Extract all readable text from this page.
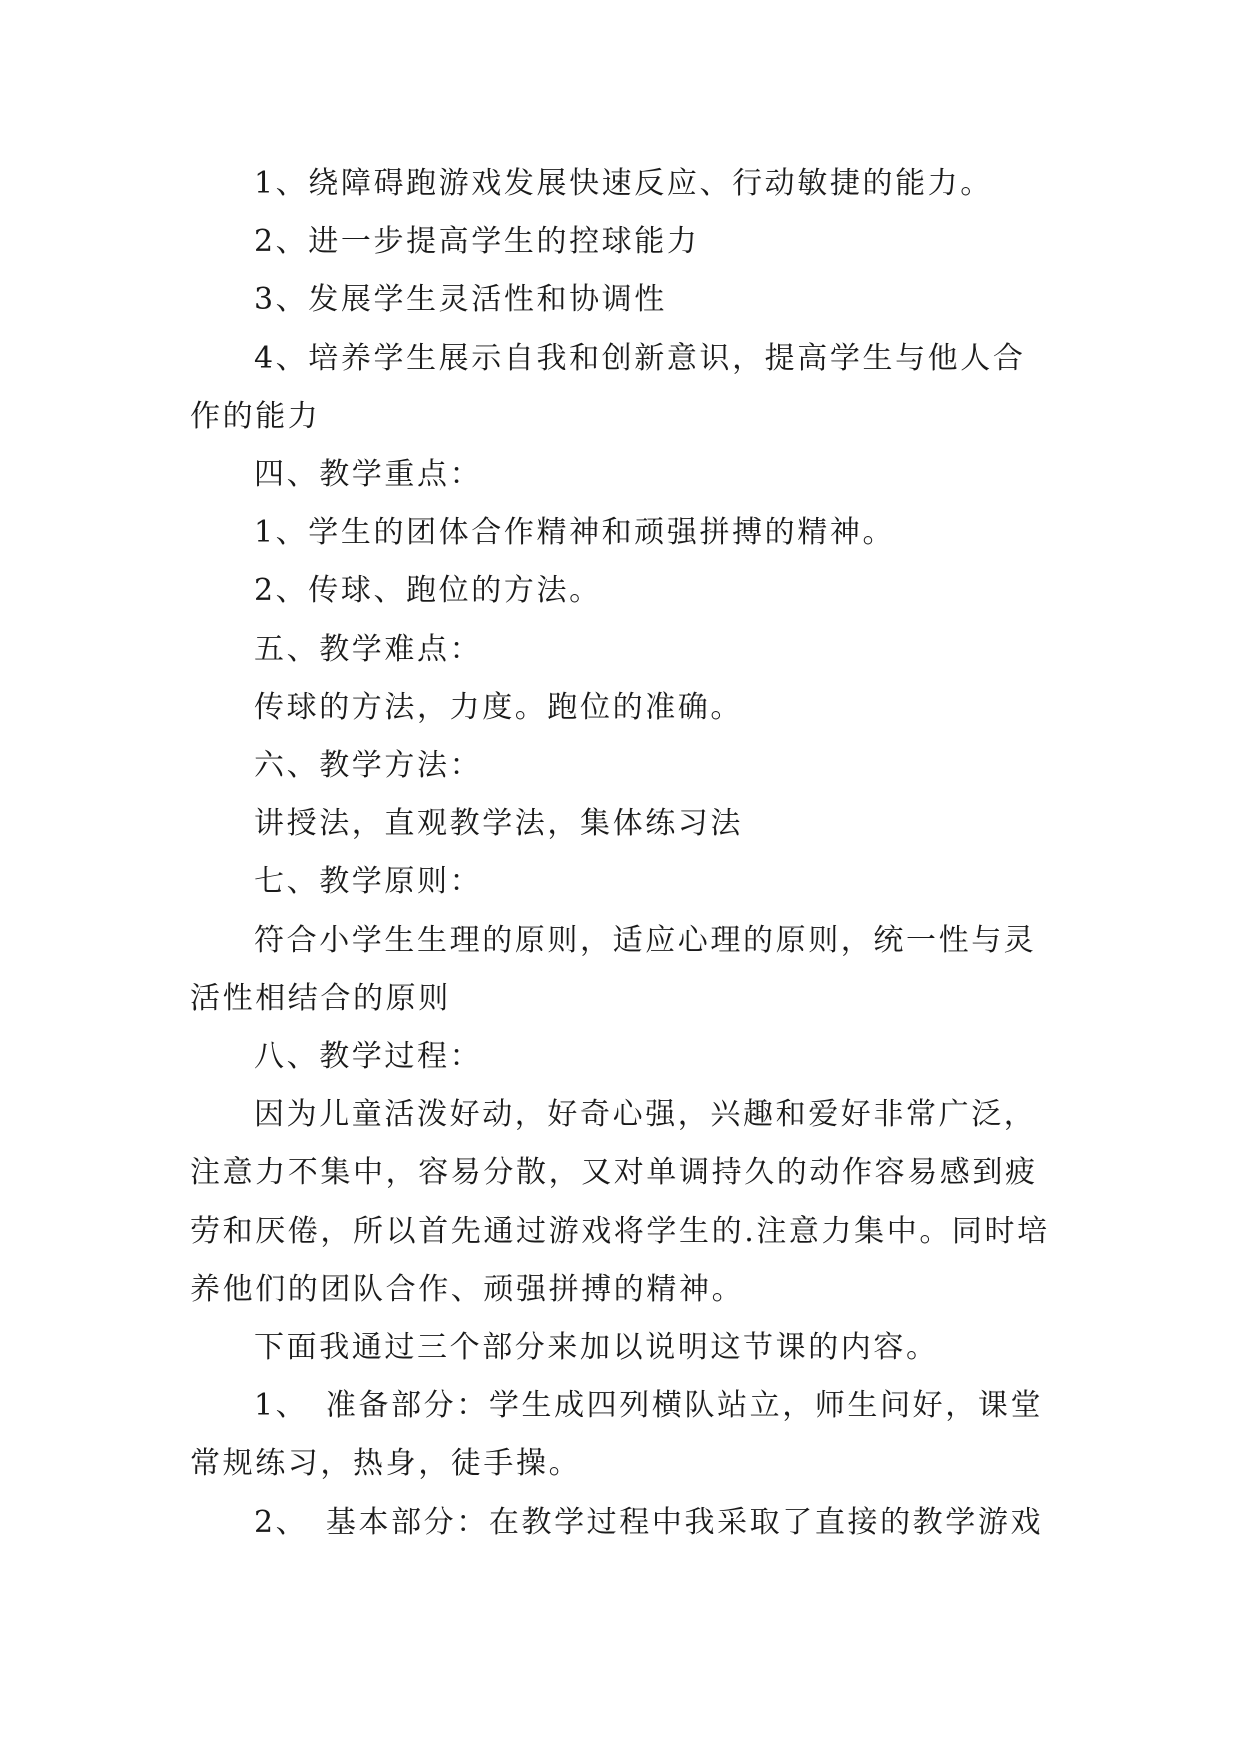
1、绕障碍跑游戏发展快速反应、行动敏捷的能力。

2、进一步提高学生的控球能力

3、发展学生灵活性和协调性

4、培养学生展示自我和创新意识，提高学生与他人合作的能力

四、教学重点：

1、学生的团体合作精神和顽强拼搏的精神。

2、传球、跑位的方法。

五、教学难点：

传球的方法，力度。跑位的准确。

六、教学方法：

讲授法，直观教学法，集体练习法

七、教学原则：

符合小学生生理的原则，适应心理的原则，统一性与灵活性相结合的原则

八、教学过程：

因为儿童活泼好动，好奇心强，兴趣和爱好非常广泛，注意力不集中，容易分散，又对单调持久的动作容易感到疲劳和厌倦，所以首先通过游戏将学生的.注意力集中。同时培养他们的团队合作、顽强拼搏的精神。

下面我通过三个部分来加以说明这节课的内容。

1、　准备部分：学生成四列横队站立，师生问好，课堂常规练习，热身，徒手操。

2、　基本部分：在教学过程中我采取了直接的教学游戏
